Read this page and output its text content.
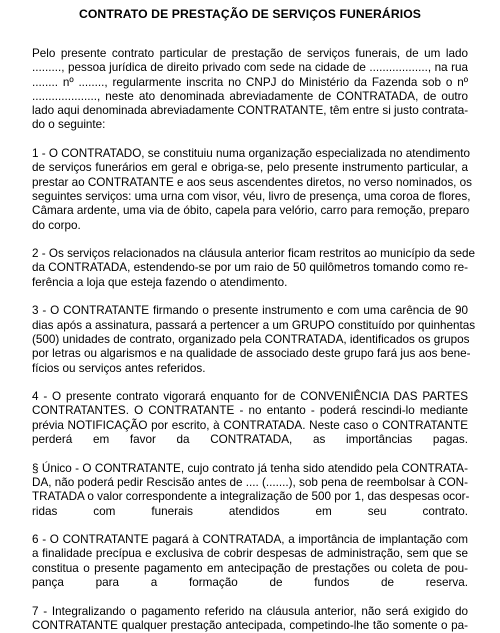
CONTRATO DE PRESTAÇÃO DE SERVIÇOS FUNERÁRIOS
Pelo presente contrato particular de prestação de serviços funerais, de um lado
........., pessoa jurídica de direito privado com sede na cidade de .................., na rua
........ nº ........, regularmente inscrita no CNPJ do Ministério da Fazenda sob o nº
...................., neste ato denominada abreviadamente de CONTRATADA, de outro
lado aqui denominada abreviadamente CONTRATANTE, têm entre si justo contrata-
do o seguinte:
1 - O CONTRATADO, se constituiu numa organização especializada no atendimento
de serviços funerários em geral e obriga-se, pelo presente instrumento particular, a
prestar ao CONTRATANTE e aos seus ascendentes diretos, no verso nominados, os
seguintes serviços: uma urna com visor, véu, livro de presença, uma coroa de flores,
Câmara ardente, uma via de óbito, capela para velório, carro para remoção, preparo
do corpo.
2 - Os serviços relacionados na cláusula anterior ficam restritos ao município da sede
da CONTRATADA, estendendo-se por um raio de 50 quilômetros tomando como re-
ferência a loja que esteja fazendo o atendimento.
3 - O CONTRATANTE firmando o presente instrumento e com uma carência de 90
dias após a assinatura, passará a pertencer a um GRUPO constituído por quinhentas
(500) unidades de contrato, organizado pela CONTRATADA, identificados os grupos
por letras ou algarismos e na qualidade de associado deste grupo fará jus aos bene-
fícios ou serviços antes referidos.
4 - O presente contrato vigorará enquanto for de CONVENIÊNCIA DAS PARTES
CONTRATANTES. O CONTRATANTE - no entanto - poderá rescindi-lo mediante
prévia NOTIFICAÇÃO por escrito, à CONTRATADA. Neste caso o CONTRATANTE
perderá em favor da CONTRATADA, as importâncias pagas.
§ Único - O CONTRATANTE, cujo contrato já tenha sido atendido pela CONTRATA-
DA, não poderá pedir Rescisão antes de .... (.......), sob pena de reembolsar à CON-
TRATADA o valor correspondente a integralização de 500 por 1, das despesas ocor-
ridas com funerais atendidos em seu contrato.
6 - O CONTRATANTE pagará à CONTRATADA, a importância de implantação com
a finalidade precípua e exclusiva de cobrir despesas de administração, sem que se
constitua o presente pagamento em antecipação de prestações ou coleta de pou-
pança para a formação de fundos de reserva.
7 - Integralizando o pagamento referido na cláusula anterior, não será exigido do
CONTRATANTE qualquer prestação antecipada, competindo-lhe tão somente o pa-
